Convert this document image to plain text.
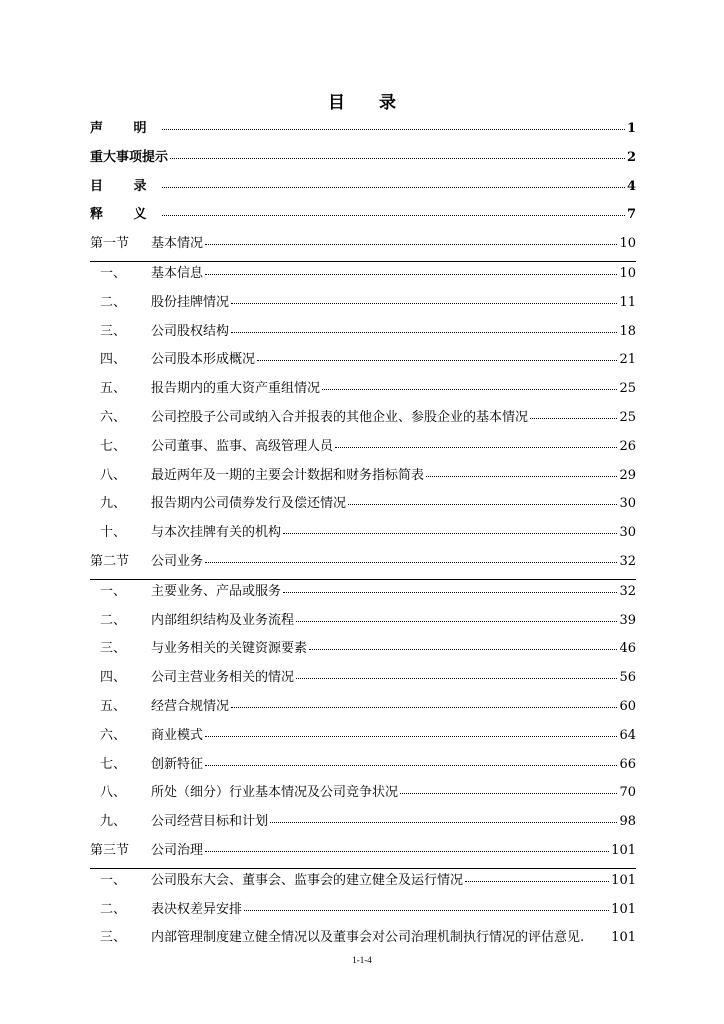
目 录
声 明	1
重大事项提示	2
目 录	4
释 义	7
第一节	基本情况	10
一、	基本信息	10
二、	股份挂牌情况	11
三、	公司股权结构	18
四、	公司股本形成概况	21
五、	报告期内的重大资产重组情况	25
六、	公司控股子公司或纳入合并报表的其他企业、参股企业的基本情况	25
七、	公司董事、监事、高级管理人员	26
八、	最近两年及一期的主要会计数据和财务指标简表	29
九、	报告期内公司债券发行及偿还情况	30
十、	与本次挂牌有关的机构	30
第二节	公司业务	32
一、	主要业务、产品或服务	32
二、	内部组织结构及业务流程	39
三、	与业务相关的关键资源要素	46
四、	公司主营业务相关的情况	56
五、	经营合规情况	60
六、	商业模式	64
七、	创新特征	66
八、	所处（细分）行业基本情况及公司竞争状况	70
九、	公司经营目标和计划	98
第三节	公司治理	101
一、	公司股东大会、董事会、监事会的建立健全及运行情况	101
二、	表决权差异安排	101
三、	内部管理制度建立健全情况以及董事会对公司治理机制执行情况的评估意见. 101
1-1-4
